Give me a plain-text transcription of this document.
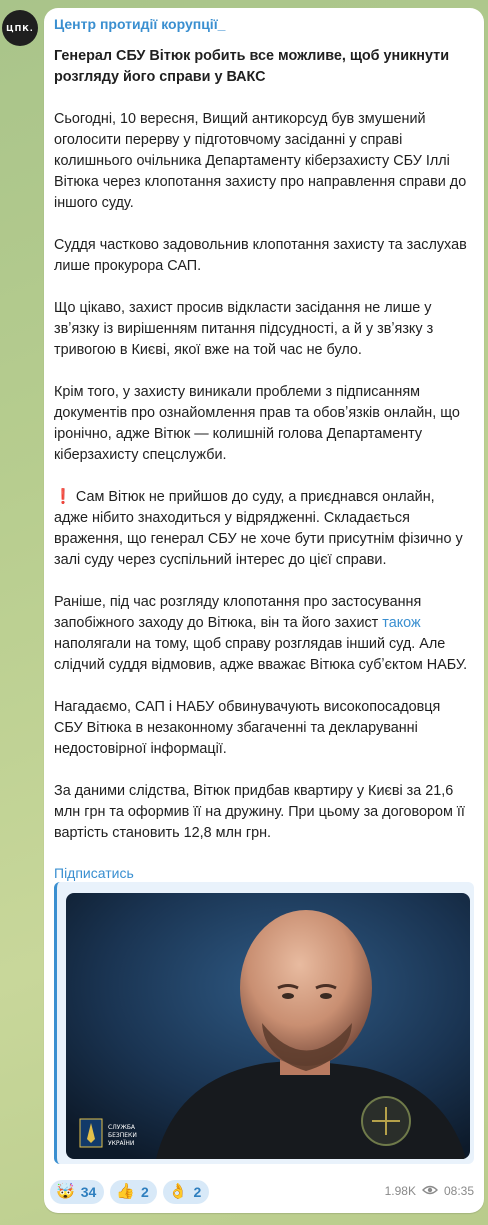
ЦПК. Центр протидії корупції_

Генерал СБУ Вітюк робить все можливе, щоб уникнути розгляду його справи у ВАКС

Сьогодні, 10 вересня, Вищий антикорсуд був змушений оголосити перерву у підготовчому засіданні у справі колишнього очільника Департаменту кіберзахисту СБУ Іллі Вітюка через клопотання захисту про направлення справи до іншого суду.

Суддя частково задовольнив клопотання захисту та заслухав лише прокурора САП.

Що цікаво, захист просив відкласти засідання не лише у звʼязку із вирішенням питання підсудності, а й у звʼязку з тривогою в Києві, якої вже на той час не було.

Крім того, у захисту виникали проблеми з підписанням документів про ознайомлення прав та обовʼязків онлайн, що іронічно, адже Вітюк — колишній голова Департаменту кіберзахисту спецслужби.

❗ Сам Вітюк не прийшов до суду, а приєднався онлайн, адже нібито знаходиться у відрядженні. Складається враження, що генерал СБУ не хоче бути присутнім фізично у залі суду через суспільний інтерес до цієї справи.

Раніше, під час розгляду клопотання про застосування запобіжного заходу до Вітюка, він та його захист також наполягали на тому, щоб справу розглядав інший суд. Але слідчий суддя відмовив, адже вважає Вітюка субʼєктом НАБУ.

Нагадаємо, САП і НАБУ обвинувачують високопосадовця СБУ Вітюка в незаконному збагаченні та декларуванні недостовірної інформації.

За даними слідства, Вітюк придбав квартиру у Києві за 21,6 млн грн та оформив її на дружину. При цьому за договором її вартість становить 12,8 млн грн.

Підписатись
СЛУЖБА
БЕЗПЕКИ
УКРАЇНИ
🤯 34 👍 2 👌 2	1.98K 08:35
